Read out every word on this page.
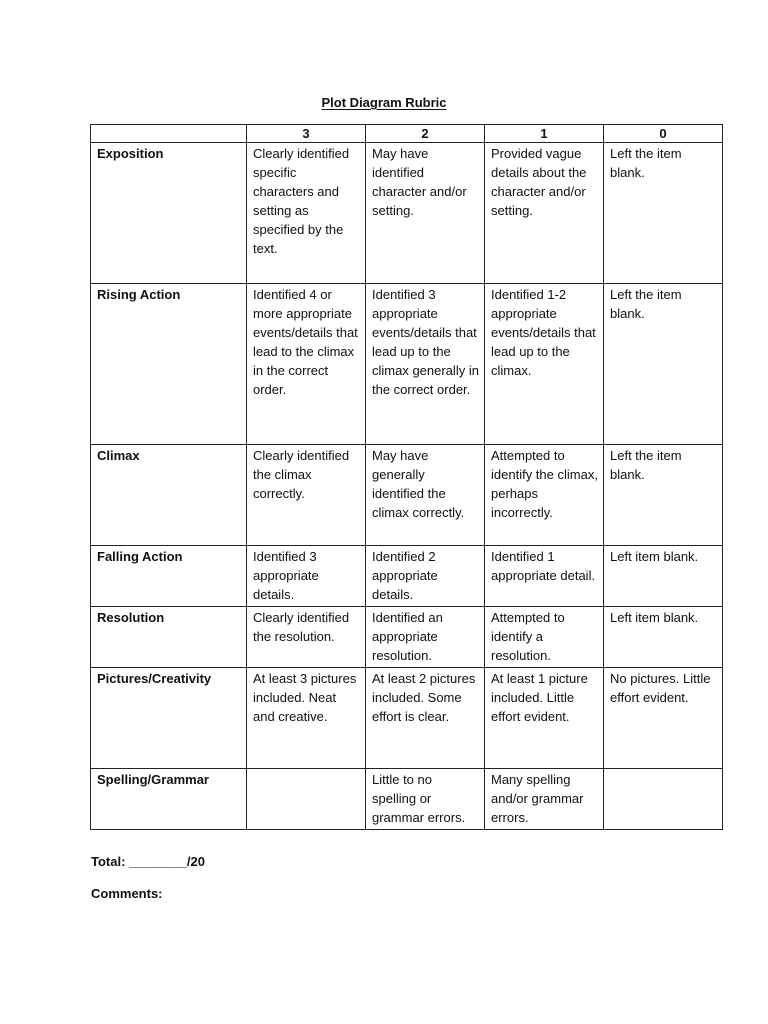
Plot Diagram Rubric
	3	2	1	0
Exposition	Clearly identified specific characters and setting as specified by the text.	May have identified character and/or setting.	Provided vague details about the character and/or setting.	Left the item blank.
Rising Action	Identified 4 or more appropriate events/details that lead to the climax in the correct order.	Identified 3 appropriate events/details that lead up to the climax generally in the correct order.	Identified 1-2 appropriate events/details that lead up to the climax.	Left the item blank.
Climax	Clearly identified the climax correctly.	May have generally identified the climax correctly.	Attempted to identify the climax, perhaps incorrectly.	Left the item blank.
Falling Action	Identified 3 appropriate details.	Identified 2 appropriate details.	Identified 1 appropriate detail.	Left item blank.
Resolution	Clearly identified the resolution.	Identified an appropriate resolution.	Attempted to identify a resolution.	Left item blank.
Pictures/Creativity	At least 3 pictures included. Neat and creative.	At least 2 pictures included. Some effort is clear.	At least 1 picture included. Little effort evident.	No pictures. Little effort evident.
Spelling/Grammar		Little to no spelling or grammar errors.	Many spelling and/or grammar errors.	
Total: ________/20
Comments:
